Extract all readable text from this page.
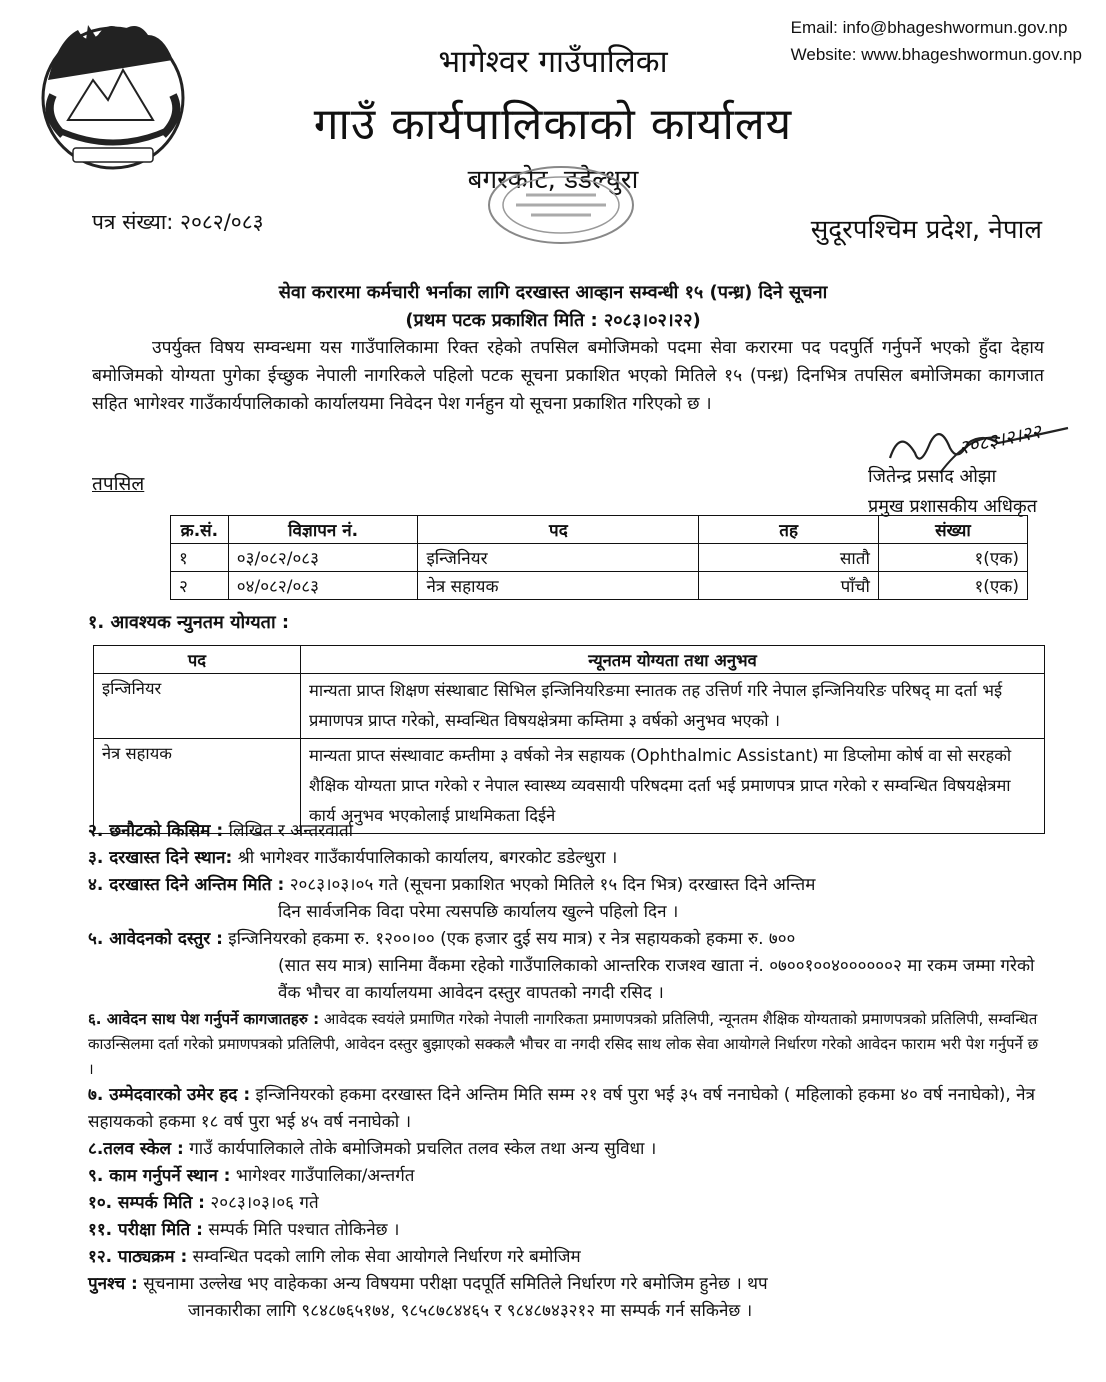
Email: info@bhageshwormun.gov.np
Website: www.bhageshwormun.gov.np
भागेश्वर गाउँपालिका
गाउँ कार्यपालिकाको कार्यालय
बगरकोट, डडेल्धुरा
पत्र संख्या: २०८२/०८३	सुदूरपश्चिम प्रदेश, नेपाल
सेवा करारमा कर्मचारी भर्नाका लागि दरखास्त आव्हान सम्वन्धी १५ (पन्ध्र) दिने सूचना
(प्रथम पटक प्रकाशित मिति : २०८३।०२।२२)
उपर्युक्त विषय सम्वन्धमा यस गाउँपालिकामा रिक्त रहेको तपसिल बमोजिमको पदमा सेवा करारमा पद पदपुर्ति गर्नुपर्ने भएको हुँदा देहाय बमोजिमको योग्यता पुगेका ईच्छुक नेपाली नागरिकले पहिलो पटक सूचना प्रकाशित भएको मितिले १५ (पन्ध्र) दिनभित्र तपसिल बमोजिमका कागजात सहित भागेश्वर गाउँकार्यपालिकाको कार्यालयमा निवेदन पेश गर्नहुन यो सूचना प्रकाशित गरिएको छ ।
२०८३।२।२२
जितेन्द्र प्रसाद ओझा
प्रमुख प्रशासकीय अधिकृत
तपसिल
क्र.सं.	विज्ञापन नं.	पद	तह	संख्या
१	०३/०८२/०८३	इन्जिनियर	सातौ	१(एक)
२	०४/०८२/०८३	नेत्र सहायक	पाँचौ	१(एक)
१. आवश्यक न्युनतम योग्यता :
पद	न्यूनतम योग्यता तथा अनुभव
इन्जिनियर	मान्यता प्राप्त शिक्षण संस्थाबाट सिभिल इन्जिनियरिङमा स्नातक तह उत्तिर्ण गरि नेपाल इन्जिनियरिङ परिषद् मा दर्ता भई प्रमाणपत्र प्राप्त गरेको, सम्वन्धित विषयक्षेत्रमा कम्तिमा ३ वर्षको अनुभव भएको ।
नेत्र सहायक	मान्यता प्राप्त संस्थावाट कम्तीमा ३ वर्षको नेत्र सहायक (Ophthalmic Assistant) मा डिप्लोमा कोर्ष वा सो सरहको शैक्षिक योग्यता प्राप्त गरेको र नेपाल स्वास्थ्य व्यवसायी परिषदमा दर्ता भई प्रमाणपत्र प्राप्त गरेको र सम्वन्धित विषयक्षेत्रमा कार्य अनुभव भएकोलाई प्राथमिकता दिईने

२. छनौटको किसिम : लिखित र अन्तरवार्ता

३. दरखास्त दिने स्थान: श्री भागेश्वर गाउँकार्यपालिकाको कार्यालय, बगरकोट डडेल्धुरा ।

४. दरखास्त दिने अन्तिम मिति : २०८३।०३।०५ गते (सूचना प्रकाशित भएको मितिले १५ दिन भित्र) दरखास्त दिने अन्तिम

दिन सार्वजनिक विदा परेमा त्यसपछि कार्यालय खुल्ने पहिलो दिन ।

५. आवेदनको दस्तुर : इन्जिनियरको हकमा रु. १२००।०० (एक हजार दुई सय मात्र) र नेत्र सहायकको हकमा रु. ७००

(सात सय मात्र) सानिमा वैंकमा रहेको गाउँपालिकाको आन्तरिक राजश्व खाता नं. ०७००१००४००००००२ मा रकम जम्मा गरेको वैंक भौचर वा कार्यालयमा आवेदन दस्तुर वापतको नगदी रसिद ।

६. आवेदन साथ पेश गर्नुपर्ने कागजातहरु : आवेदक स्वयंले प्रमाणित गरेको नेपाली नागरिकता प्रमाणपत्रको प्रतिलिपी, न्यूनतम शैक्षिक योग्यताको प्रमाणपत्रको प्रतिलिपी, सम्वन्धित काउन्सिलमा दर्ता गरेको प्रमाणपत्रको प्रतिलिपी, आवेदन दस्तुर बुझाएको सक्कलै भौचर वा नगदी रसिद साथ लोक सेवा आयोगले निर्धारण गरेको आवेदन फाराम भरी पेश गर्नुपर्ने छ ।

७. उम्मेदवारको उमेर हद : इन्जिनियरको हकमा दरखास्त दिने अन्तिम मिति सम्म २१ वर्ष पुरा भई ३५ वर्ष ननाघेको ( महिलाको हकमा ४० वर्ष ननाघेको), नेत्र सहायकको हकमा १८ वर्ष पुरा भई ४५ वर्ष ननाघेको ।

८.तलव स्केल : गाउँ कार्यपालिकाले तोके बमोजिमको प्रचलित तलव स्केल तथा अन्य सुविधा ।

९. काम गर्नुपर्ने स्थान : भागेश्वर गाउँपालिका/अन्तर्गत

१०. सम्पर्क मिति : २०८३।०३।०६ गते

११. परीक्षा मिति : सम्पर्क मिति पश्चात तोकिनेछ ।

१२. पाठ्यक्रम : सम्वन्धित पदको लागि लोक सेवा आयोगले निर्धारण गरे बमोजिम

पुनश्च : सूचनामा उल्लेख भए वाहेकका अन्य विषयमा परीक्षा पदपूर्ति समितिले निर्धारण गरे बमोजिम हुनेछ । थप

जानकारीका लागि ९८४८७६५१७४, ९८५८७८४४६५ र ९८४८७४३२१२ मा सम्पर्क गर्न सकिनेछ ।
